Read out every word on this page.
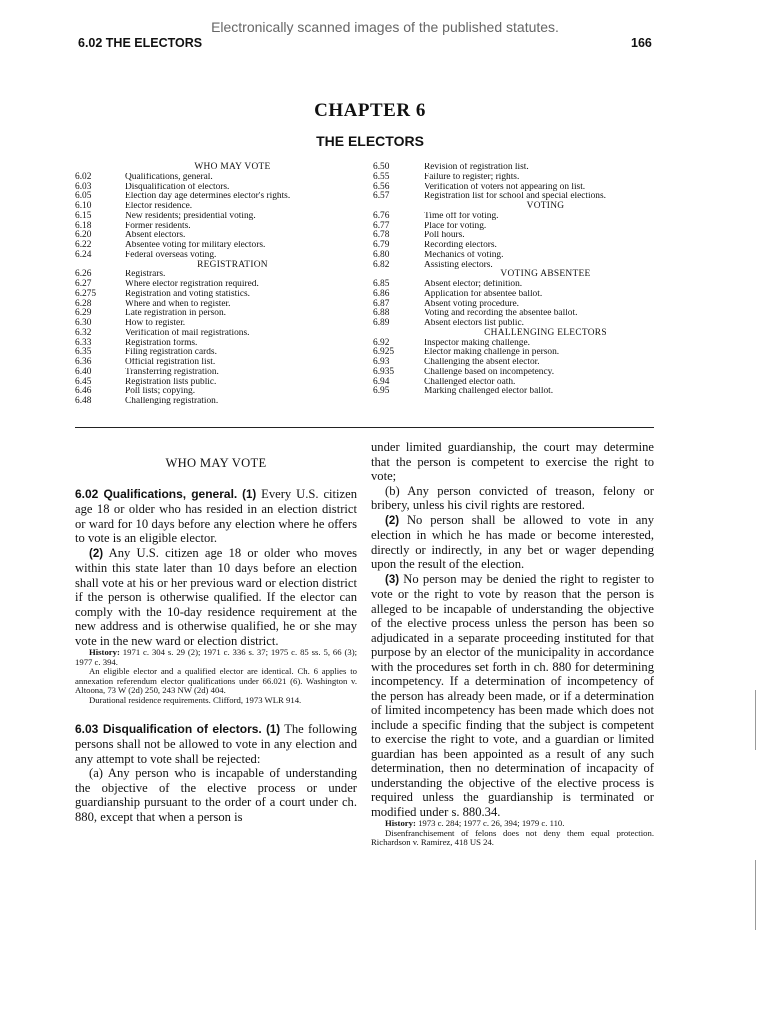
Electronically scanned images of the published statutes.
6.02 THE ELECTORS	166
CHAPTER 6
THE ELECTORS
WHO MAY VOTE
6.02	Qualifications, general.
6.03	Disqualification of electors.
6.05	Election day age determines elector's rights.
6.10	Elector residence.
6.15	New residents; presidential voting.
6.18	Former residents.
6.20	Absent electors.
6.22	Absentee voting for military electors.
6.24	Federal overseas voting.
REGISTRATION
6.26	Registrars.
6.27	Where elector registration required.
6.275	Registration and voting statistics.
6.28	Where and when to register.
6.29	Late registration in person.
6.30	How to register.
6.32	Verification of mail registrations.
6.33	Registration forms.
6.35	Filing registration cards.
6.36	Official registration list.
6.40	Transferring registration.
6.45	Registration lists public.
6.46	Poll lists; copying.
6.48	Challenging registration.
6.50	Revision of registration list.
6.55	Failure to register; rights.
6.56	Verification of voters not appearing on list.
6.57	Registration list for school and special elections.
VOTING
6.76	Time off for voting.
6.77	Place for voting.
6.78	Poll hours.
6.79	Recording electors.
6.80	Mechanics of voting.
6.82	Assisting electors.
VOTING ABSENTEE
6.85	Absent elector; definition.
6.86	Application for absentee ballot.
6.87	Absent voting procedure.
6.88	Voting and recording the absentee ballot.
6.89	Absent electors list public.
CHALLENGING ELECTORS
6.92	Inspector making challenge.
6.925	Elector making challenge in person.
6.93	Challenging the absent elector.
6.935	Challenge based on incompetency.
6.94	Challenged elector oath.
6.95	Marking challenged elector ballot.

WHO MAY VOTE

6.02 Qualifications, general. (1) Every U.S. citizen age 18 or older who has resided in an election district or ward for 10 days before any election where he offers to vote is an eligible elector.

(2) Any U.S. citizen age 18 or older who moves within this state later than 10 days before an election shall vote at his or her previous ward or election district if the person is otherwise qualified. If the elector can comply with the 10-day residence requirement at the new address and is otherwise qualified, he or she may vote in the new ward or election district.

History: 1971 c. 304 s. 29 (2); 1971 c. 336 s. 37; 1975 c. 85 ss. 5, 66 (3); 1977 c. 394.

An eligible elector and a qualified elector are identical. Ch. 6 applies to annexation referendum elector qualifications under 66.021 (6). Washington v. Altoona, 73 W (2d) 250, 243 NW (2d) 404.

Durational residence requirements. Clifford, 1973 WLR 914.

6.03 Disqualification of electors. (1) The following persons shall not be allowed to vote in any election and any attempt to vote shall be rejected:

(a) Any person who is incapable of understanding the objective of the elective process or under guardianship pursuant to the order of a court under ch. 880, except that when a person is

under limited guardianship, the court may determine that the person is competent to exercise the right to vote;

(b) Any person convicted of treason, felony or bribery, unless his civil rights are restored.

(2) No person shall be allowed to vote in any election in which he has made or become interested, directly or indirectly, in any bet or wager depending upon the result of the election.

(3) No person may be denied the right to register to vote or the right to vote by reason that the person is alleged to be incapable of understanding the objective of the elective process unless the person has been so adjudicated in a separate proceeding instituted for that purpose by an elector of the municipality in accordance with the procedures set forth in ch. 880 for determining incompetency. If a determination of incompetency of the person has already been made, or if a determination of limited incompetency has been made which does not include a specific finding that the subject is competent to exercise the right to vote, and a guardian or limited guardian has been appointed as a result of any such determination, then no determination of incapacity of understanding the objective of the elective process is required unless the guardianship is terminated or modified under s. 880.34.

History: 1973 c. 284; 1977 c. 26, 394; 1979 c. 110.

Disenfranchisement of felons does not deny them equal protection. Richardson v. Ramirez, 418 US 24.
